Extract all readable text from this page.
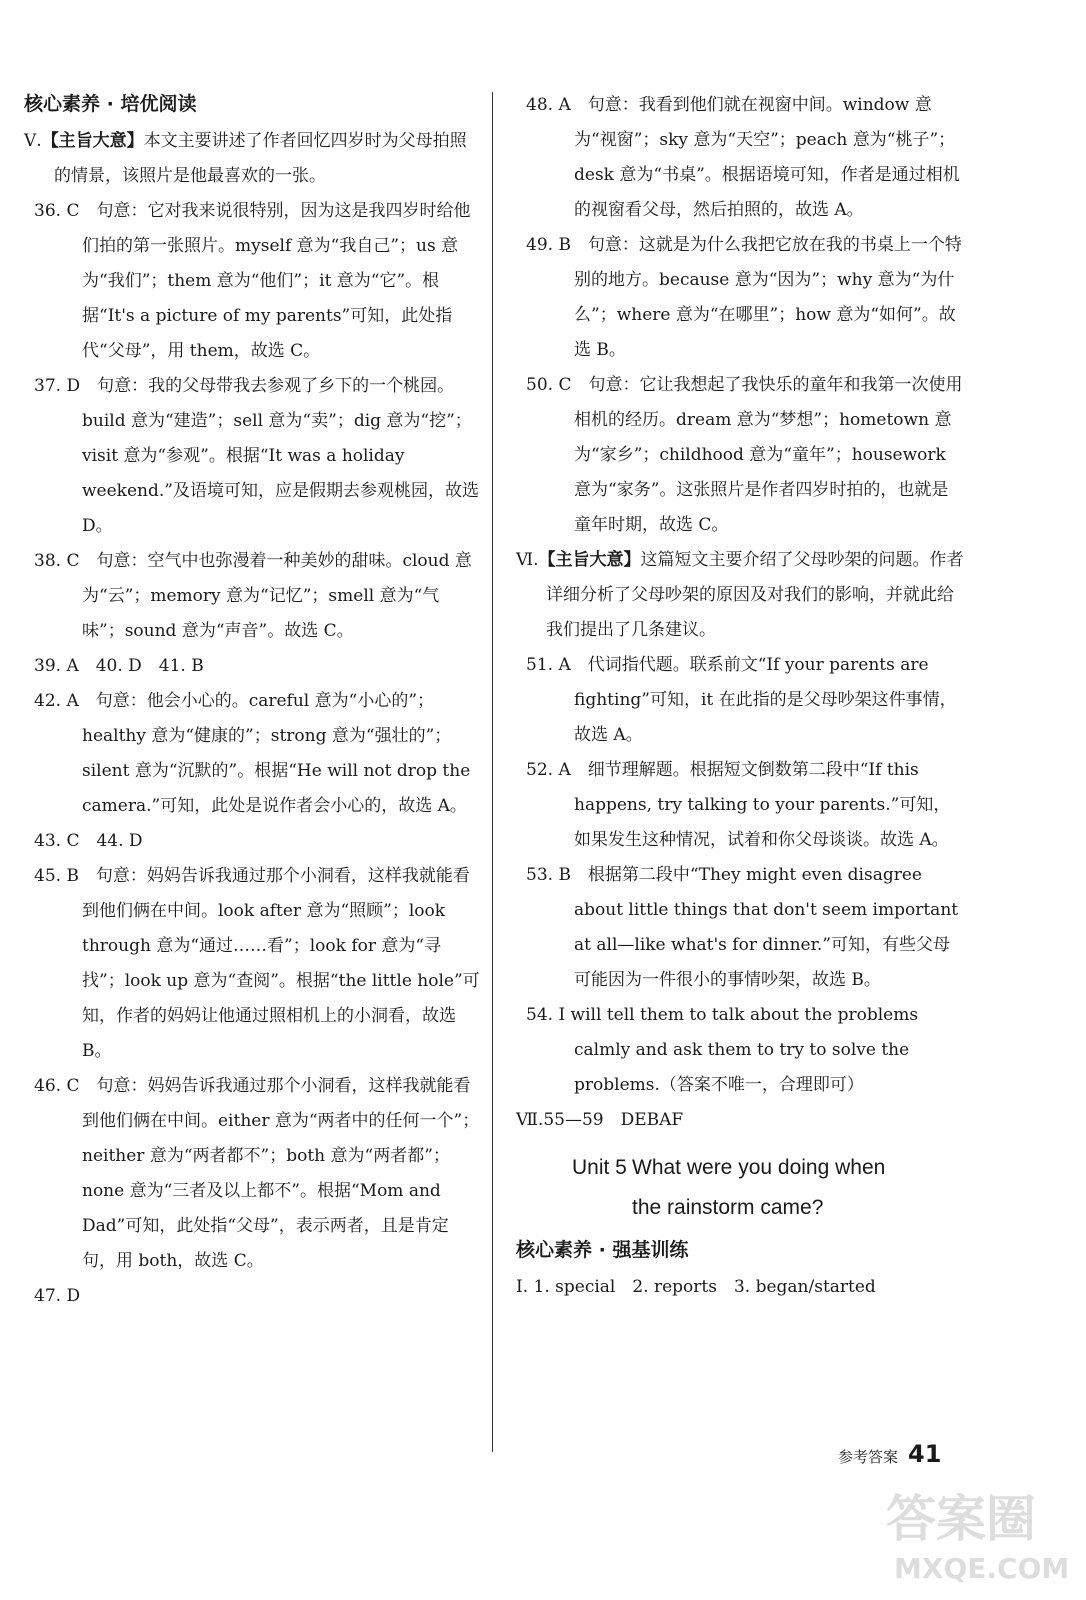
核心素养 · 培优阅读

Ⅴ.【主旨大意】本文主要讲述了作者回忆四岁时为父母拍照的情景，该照片是他最喜欢的一张。

36. C　句意：它对我来说很特别，因为这是我四岁时给他们拍的第一张照片。myself 意为“我自己”；us 意为“我们”；them 意为“他们”；it 意为“它”。根据“It's a picture of my parents”可知，此处指代“父母”，用 them，故选 C。

37. D　句意：我的父母带我去参观了乡下的一个桃园。build 意为“建造”；sell 意为“卖”；dig 意为“挖”；visit 意为“参观”。根据“It was a holiday weekend.”及语境可知，应是假期去参观桃园，故选 D。

38. C　句意：空气中也弥漫着一种美妙的甜味。cloud 意为“云”；memory 意为“记忆”；smell 意为“气味”；sound 意为“声音”。故选 C。

39. A　40. D　41. B

42. A　句意：他会小心的。careful 意为“小心的”；healthy 意为“健康的”；strong 意为“强壮的”；silent 意为“沉默的”。根据“He will not drop the camera.”可知，此处是说作者会小心的，故选 A。

43. C　44. D

45. B　句意：妈妈告诉我通过那个小洞看，这样我就能看到他们俩在中间。look after 意为“照顾”；look through 意为“通过……看”；look for 意为“寻找”；look up 意为“查阅”。根据“the little hole”可知，作者的妈妈让他通过照相机上的小洞看，故选 B。

46. C　句意：妈妈告诉我通过那个小洞看，这样我就能看到他们俩在中间。either 意为“两者中的任何一个”；neither 意为“两者都不”；both 意为“两者都”；none 意为“三者及以上都不”。根据“Mom and Dad”可知，此处指“父母”，表示两者，且是肯定句，用 both，故选 C。

47. D

48. A　句意：我看到他们就在视窗中间。window 意为“视窗”；sky 意为“天空”；peach 意为“桃子”；desk 意为“书桌”。根据语境可知，作者是通过相机的视窗看父母，然后拍照的，故选 A。

49. B　句意：这就是为什么我把它放在我的书桌上一个特别的地方。because 意为“因为”；why 意为“为什么”；where 意为“在哪里”；how 意为“如何”。故选 B。

50. C　句意：它让我想起了我快乐的童年和我第一次使用相机的经历。dream 意为“梦想”；hometown 意为“家乡”；childhood 意为“童年”；housework 意为“家务”。这张照片是作者四岁时拍的，也就是童年时期，故选 C。

Ⅵ.【主旨大意】这篇短文主要介绍了父母吵架的问题。作者详细分析了父母吵架的原因及对我们的影响，并就此给我们提出了几条建议。

51. A　代词指代题。联系前文“If your parents are fighting”可知，it 在此指的是父母吵架这件事情，故选 A。

52. A　细节理解题。根据短文倒数第二段中“If this happens, try talking to your parents.”可知，如果发生这种情况，试着和你父母谈谈。故选 A。

53. B　根据第二段中“They might even disagree about little things that don't seem important at all—like what's for dinner.”可知，有些父母可能因为一件很小的事情吵架，故选 B。

54. I will tell them to talk about the problems calmly and ask them to try to solve the problems.（答案不唯一，合理即可）

Ⅶ.55—59　DEBAF

Unit 5 What were you doing when
the rainstorm came?
核心素养 · 强基训练

Ⅰ. 1. special　2. reports　3. began/started

参考答案 41
答案圈
MXQE.COM
